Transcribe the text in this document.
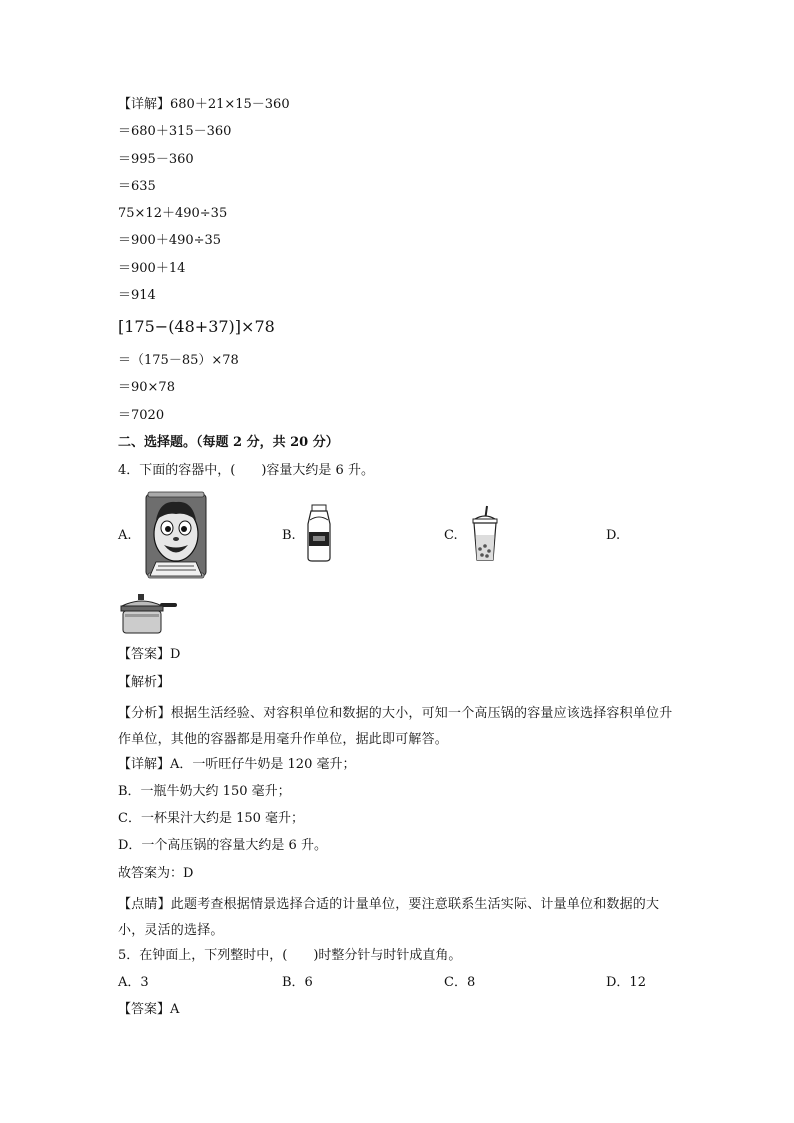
【详解】680＋21×15－360
＝680＋315－360
＝995－360
＝635
75×12＋490÷35
＝900＋490÷35
＝900＋14
＝914
[175−(48+37)]×78
＝（175－85）×78
＝90×78
＝7020
二、选择题。（每题 2 分，共 20 分）
4．下面的容器中，(　　)容量大约是 6 升。
A.	B.	C.	D.
【答案】D
【解析】
【分析】根据生活经验、对容积单位和数据的大小，可知一个高压锅的容量应该选择容积单位升作单位，其他的容器都是用毫升作单位，据此即可解答。
【详解】A．一听旺仔牛奶是 120 毫升；
B．一瓶牛奶大约 150 毫升；
C．一杯果汁大约是 150 毫升；
D．一个高压锅的容量大约是 6 升。
故答案为：D
【点睛】此题考查根据情景选择合适的计量单位，要注意联系生活实际、计量单位和数据的大小，灵活的选择。
5．在钟面上，下列整时中，(　　)时整分针与时针成直角。
A．3	B．6	C．8	D．12
【答案】A
